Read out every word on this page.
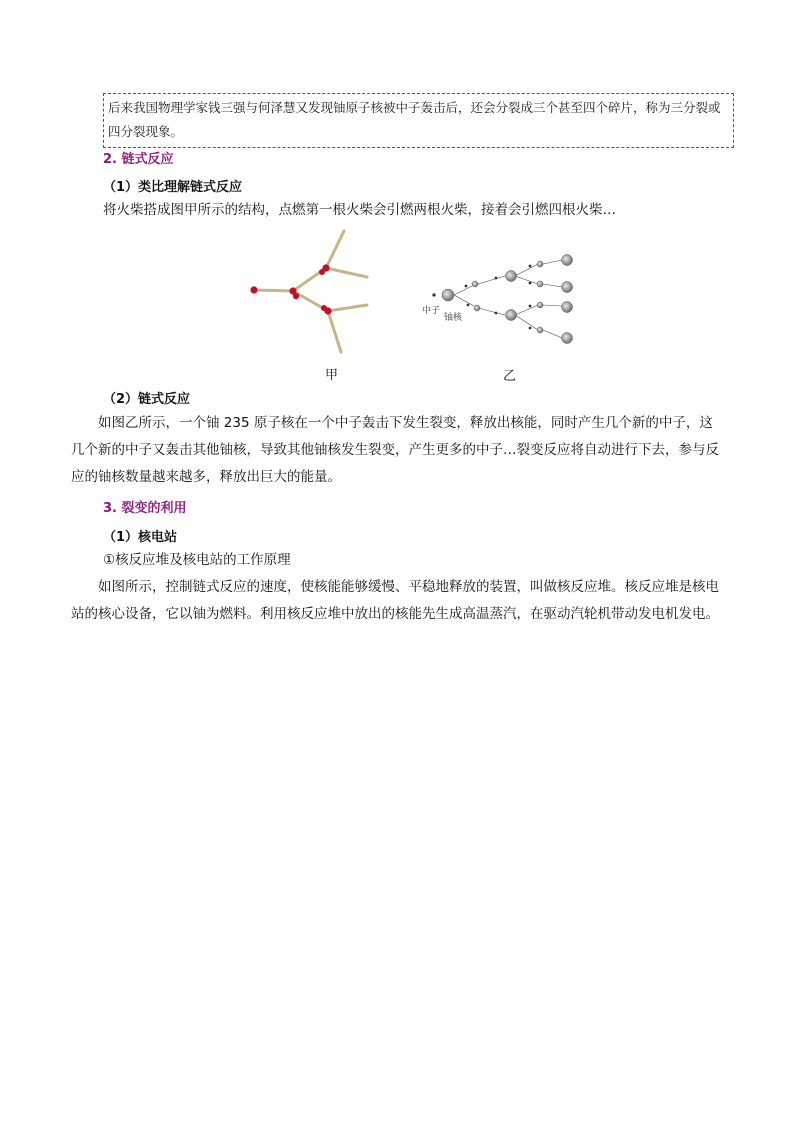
后来我国物理学家钱三强与何泽慧又发现铀原子核被中子轰击后，还会分裂成三个甚至四个碎片，称为三分裂或四分裂现象。
2. 链式反应
（1）类比理解链式反应
将火柴搭成图甲所示的结构，点燃第一根火柴会引燃两根火柴，接着会引燃四根火柴…
中子
铀核
甲	乙
（2）链式反应
如图乙所示，一个铀 235 原子核在一个中子轰击下发生裂变，释放出核能，同时产生几个新的中子，这几个新的中子又轰击其他铀核，导致其他铀核发生裂变，产生更多的中子…裂变反应将自动进行下去，参与反应的铀核数量越来越多，释放出巨大的能量。
3. 裂变的利用
（1）核电站
①核反应堆及核电站的工作原理
如图所示，控制链式反应的速度，使核能能够缓慢、平稳地释放的装置，叫做核反应堆。核反应堆是核电站的核心设备，它以铀为燃料。利用核反应堆中放出的核能先生成高温蒸汽，在驱动汽轮机带动发电机发电。
